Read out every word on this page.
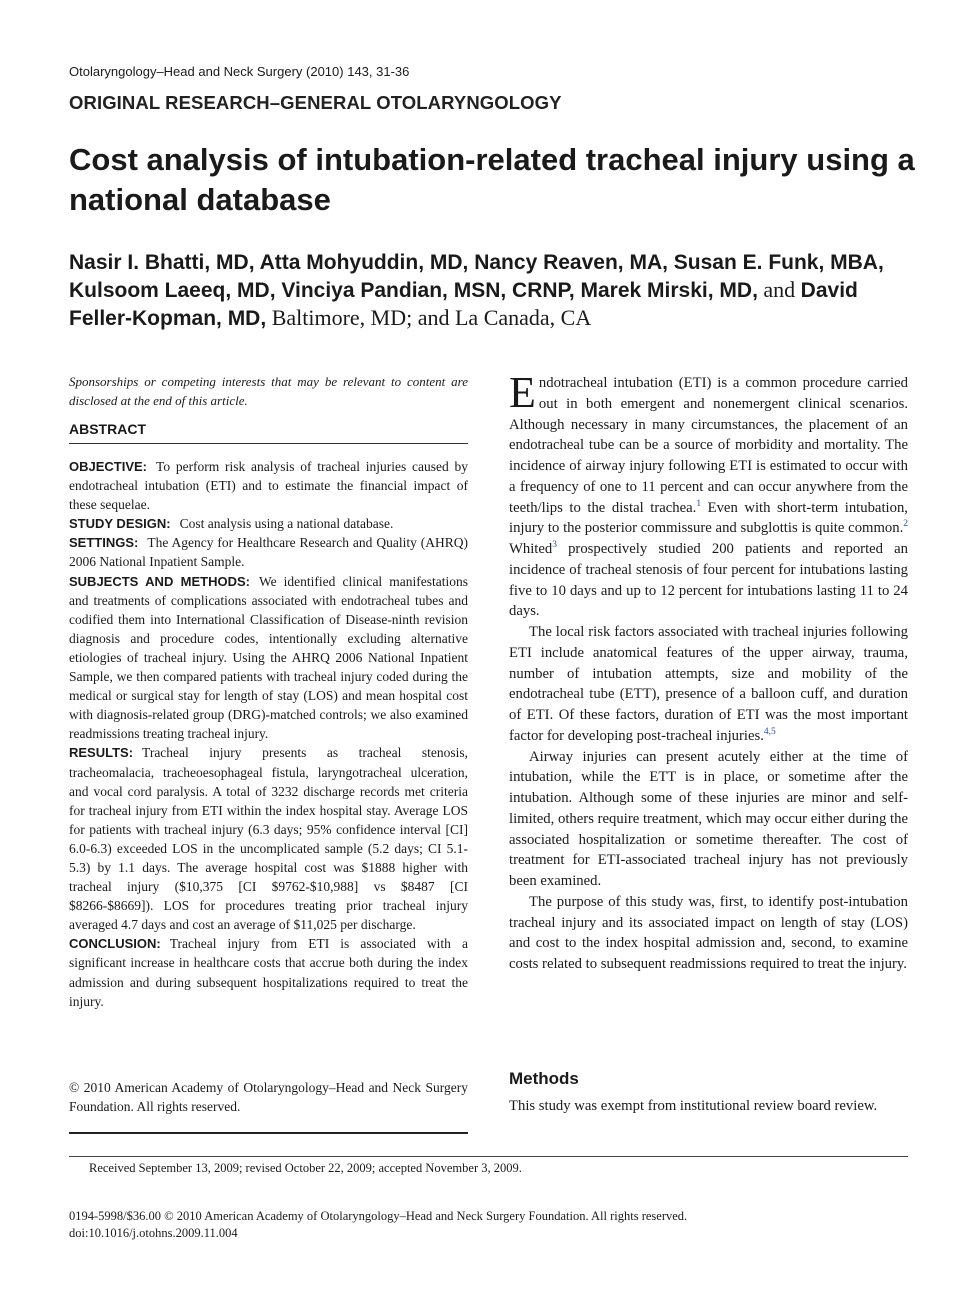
Otolaryngology–Head and Neck Surgery (2010) 143, 31-36
ORIGINAL RESEARCH–GENERAL OTOLARYNGOLOGY
Cost analysis of intubation-related tracheal injury using a national database
Nasir I. Bhatti, MD, Atta Mohyuddin, MD, Nancy Reaven, MA, Susan E. Funk, MBA, Kulsoom Laeeq, MD, Vinciya Pandian, MSN, CRNP, Marek Mirski, MD, and David Feller-Kopman, MD, Baltimore, MD; and La Canada, CA
Sponsorships or competing interests that may be relevant to content are disclosed at the end of this article.
ABSTRACT

OBJECTIVE: To perform risk analysis of tracheal injuries caused by endotracheal intubation (ETI) and to estimate the financial impact of these sequelae.

STUDY DESIGN: Cost analysis using a national database.

SETTINGS: The Agency for Healthcare Research and Quality (AHRQ) 2006 National Inpatient Sample.

SUBJECTS AND METHODS: We identified clinical manifestations and treatments of complications associated with endotracheal tubes and codified them into International Classification of Disease-ninth revision diagnosis and procedure codes, intentionally excluding alternative etiologies of tracheal injury. Using the AHRQ 2006 National Inpatient Sample, we then compared patients with tracheal injury coded during the medical or surgical stay for length of stay (LOS) and mean hospital cost with diagnosis-related group (DRG)-matched controls; we also examined readmissions treating tracheal injury.

RESULTS: Tracheal injury presents as tracheal stenosis, tracheomalacia, tracheoesophageal fistula, laryngotracheal ulceration, and vocal cord paralysis. A total of 3232 discharge records met criteria for tracheal injury from ETI within the index hospital stay. Average LOS for patients with tracheal injury (6.3 days; 95% confidence interval [CI] 6.0-6.3) exceeded LOS in the uncomplicated sample (5.2 days; CI 5.1-5.3) by 1.1 days. The average hospital cost was $1888 higher with tracheal injury ($10,375 [CI $9762-$10,988] vs $8487 [CI $8266-$8669]). LOS for procedures treating prior tracheal injury averaged 4.7 days and cost an average of $11,025 per discharge.

CONCLUSION: Tracheal injury from ETI is associated with a significant increase in healthcare costs that accrue both during the index admission and during subsequent hospitalizations required to treat the injury.

© 2010 American Academy of Otolaryngology–Head and Neck Surgery Foundation. All rights reserved.

Endotracheal intubation (ETI) is a common procedure carried out in both emergent and nonemergent clinical scenarios. Although necessary in many circumstances, the placement of an endotracheal tube can be a source of morbidity and mortality. The incidence of airway injury following ETI is estimated to occur with a frequency of one to 11 percent and can occur anywhere from the teeth/lips to the distal trachea.$^1$ Even with short-term intubation, injury to the posterior commissure and subglottis is quite common.$^2$ Whited$^3$ prospectively studied 200 patients and reported an incidence of tracheal stenosis of four percent for intubations lasting five to 10 days and up to 12 percent for intubations lasting 11 to 24 days.

The local risk factors associated with tracheal injuries following ETI include anatomical features of the upper airway, trauma, number of intubation attempts, size and mobility of the endotracheal tube (ETT), presence of a balloon cuff, and duration of ETI. Of these factors, duration of ETI was the most important factor for developing post-tracheal injuries.$^{4,5}$

Airway injuries can present acutely either at the time of intubation, while the ETT is in place, or sometime after the intubation. Although some of these injuries are minor and self-limited, others require treatment, which may occur either during the associated hospitalization or sometime thereafter. The cost of treatment for ETI-associated tracheal injury has not previously been examined.

The purpose of this study was, first, to identify post-intubation tracheal injury and its associated impact on length of stay (LOS) and cost to the index hospital admission and, second, to examine costs related to subsequent readmissions required to treat the injury.

Methods
This study was exempt from institutional review board review.
Received September 13, 2009; revised October 22, 2009; accepted November 3, 2009.
0194-5998/$36.00 © 2010 American Academy of Otolaryngology–Head and Neck Surgery Foundation. All rights reserved.
doi:10.1016/j.otohns.2009.11.004
